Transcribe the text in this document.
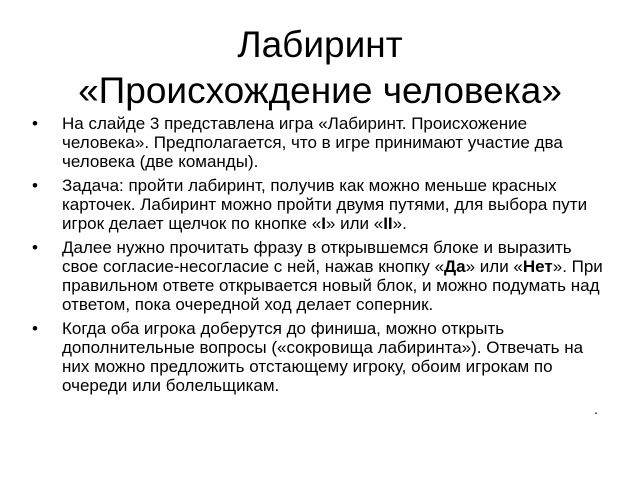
Лабиринт
«Происхождение человека»
• На слайде 3 представлена игра «Лабиринт. Происхожение человека». Предполагается, что в игре принимают участие два человека (две команды).
• Задача: пройти лабиринт, получив как можно меньше красных карточек. Лабиринт можно пройти двумя путями, для выбора пути игрок делает щелчок по кнопке «I» или «II».
• Далее нужно прочитать фразу в открывшемся блоке и выразить свое согласие-несогласие с ней, нажав кнопку «Да» или «Нет». При правильном ответе открывается новый блок, и можно подумать над ответом, пока очередной ход делает соперник.
• Когда оба игрока доберутся до финиша, можно открыть дополнительные вопросы («сокровища лабиринта»). Отвечать на них можно предложить отстающему игроку, обоим игрокам по очереди или болельщикам.
.
